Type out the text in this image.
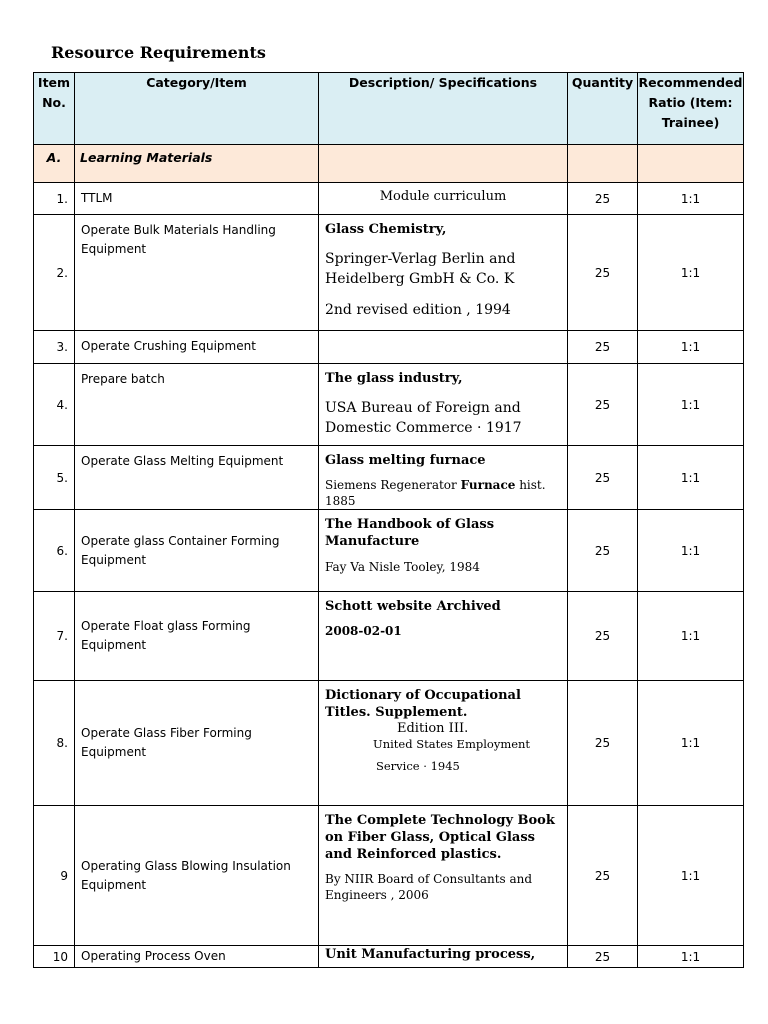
Resource Requirements
Item No.	Category/Item	Description/ Specifications	Quantity	Recommended Ratio (Item: Trainee)
A.	Learning Materials			
1.	TTLM	Module curriculum	25	1:1
2.	Operate Bulk Materials Handling Equipment	Glass Chemistry,
Springer-Verlag Berlin and Heidelberg GmbH & Co. K
2nd revised edition , 1994	25	1:1
3.	Operate Crushing Equipment		25	1:1
4.	Prepare batch	The glass industry,
USA Bureau of Foreign and Domestic Commerce · 1917	25	1:1
5.	Operate Glass Melting Equipment	Glass melting furnace
Siemens Regenerator Furnace hist. 1885	25	1:1
6.	Operate glass Container Forming Equipment	The Handbook of Glass Manufacture
Fay Va Nisle Tooley, 1984	25	1:1
7.	Operate Float glass Forming Equipment	Schott website Archived
2008-02-01	25	1:1
8.	Operate Glass Fiber Forming Equipment	Dictionary of Occupational Titles. Supplement.
Edition III.
United States Employment
Service · 1945	25	1:1
9	Operating Glass Blowing Insulation Equipment	The Complete Technology Book on Fiber Glass, Optical Glass and Reinforced plastics.
By NIIR Board of Consultants and Engineers , 2006	25	1:1
10	Operating Process Oven	Unit Manufacturing process,	25	1:1
